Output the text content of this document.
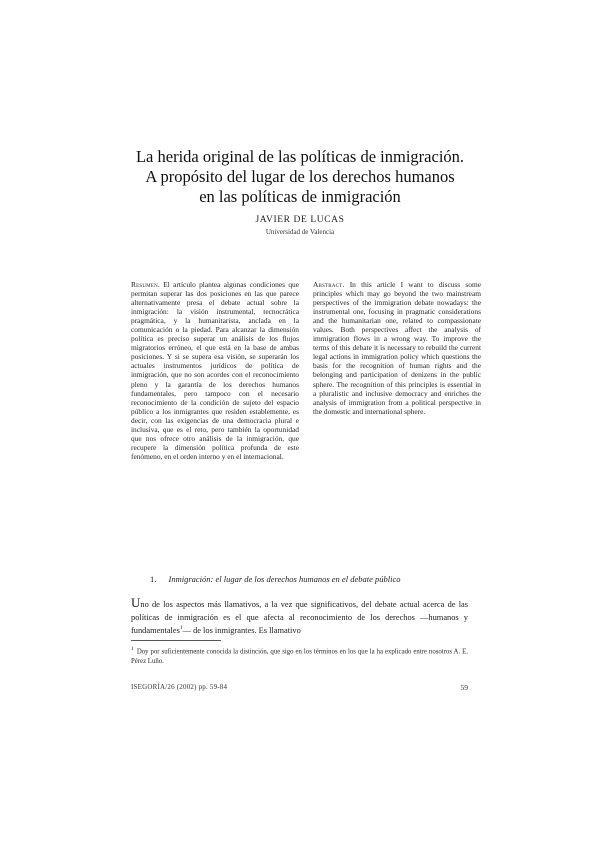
La herida original de las políticas de inmigración.
A propósito del lugar de los derechos humanos
en las políticas de inmigración
JAVIER DE LUCAS
Universidad de Valencia
Resumen. El artículo plantea algunas condiciones que permitan superar las dos posiciones en las que parece alternativamente presa el debate actual sobre la inmigración: la visión instrumental, tecnocrática pragmática, y la humanitarista, anclada en la comunicación o la piedad. Para alcanzar la dimensión política es preciso superar un análisis de los flujos migratorios erróneo, el que está en la base de ambas posiciones. Y si se supera esa visión, se superarán los actuales instrumentos jurídicos de política de inmigración, que no son acordes con el reconocimiento pleno y la garantía de los derechos humanos fundamentales, pero tampoco con el necesario reconocimiento de la condición de sujeto del espacio público a los inmigrantes que residen establemente, es decir, con las exigencias de una democracia plural e inclusiva, que es el reto, pero también la oportunidad que nos ofrece otro análisis de la inmigración, que recupere la dimensión política profunda de este fenómeno, en el orden interno y en el internacional.
Abstract. In this article I want to discuss some principles which may go beyond the two mainstream perspectives of the immigration debate nowadays: the instrumental one, focusing in pragmatic considerations and the humanitarian one, related to compassionate values. Both perspectives affect the analysis of immigration flows in a wrong way. To improve the terms of this debate it is necessary to rebuild the current legal actions in immigration policy which questions the basis for the recognition of human rights and the belonging and participation of denizens in the public sphere. The recognition of this principles is essential in a pluralistic and inclusive democracy and enriches the analysis of immigration from a political perspective in the domestic and international sphere.
1. Inmigración: el lugar de los derechos humanos en el debate público
Uno de los aspectos más llamativos, a la vez que significativos, del debate actual acerca de las políticas de inmigración es el que afecta al reconocimiento de los derechos —humanos y fundamentales$^1$— de los inmigrantes. Es llamativo
$^1$ Doy por suficientemente conocida la distinción, que sigo en los términos en los que la ha explicado entre nosotros A. E. Pérez Luño.
ISEGORÍA/26 (2002) pp. 59-84	59
